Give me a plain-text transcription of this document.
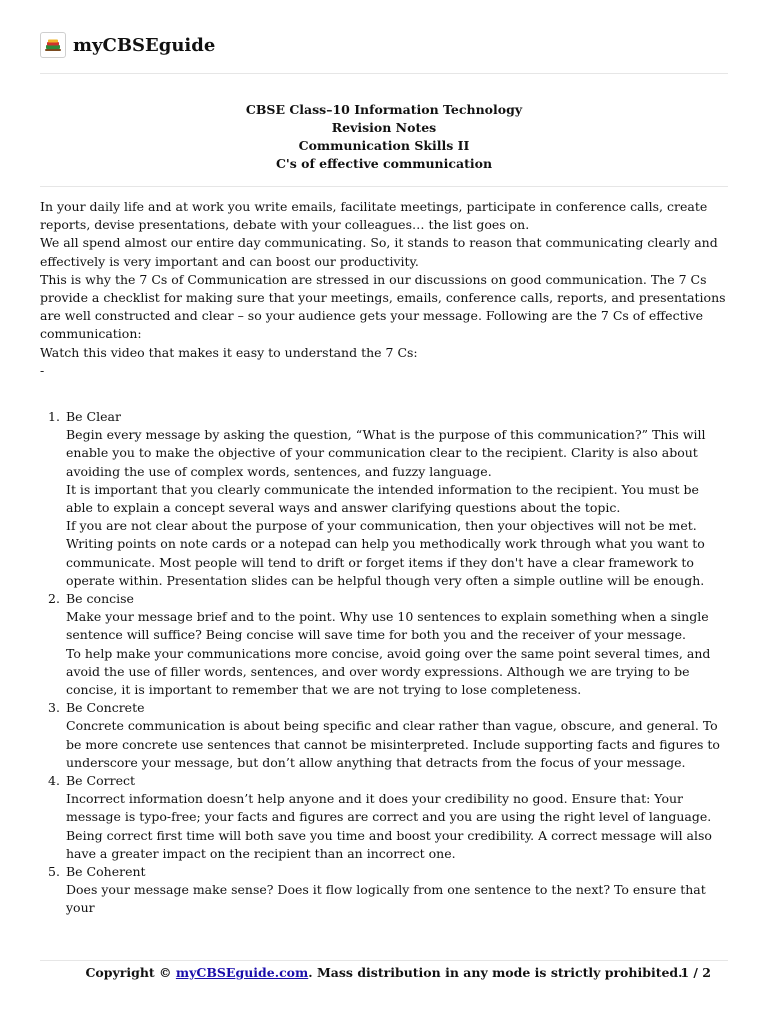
myCBSEguide
CBSE Class–10 Information Technology
Revision Notes
Communication Skills II
C's of effective communication

In your daily life and at work you write emails, facilitate meetings, participate in conference calls, create reports, devise presentations, debate with your colleagues… the list goes on.

We all spend almost our entire day communicating. So, it stands to reason that communicating clearly and effectively is very important and can boost our productivity.

This is why the 7 Cs of Communication are stressed in our discussions on good communication. The 7 Cs provide a checklist for making sure that your meetings, emails, conference calls, reports, and presentations are well constructed and clear – so your audience gets your message. Following are the 7 Cs of effective communication:

Watch this video that makes it easy to understand the 7 Cs:

-

1. Be Clear

Begin every message by asking the question, “What is the purpose of this communication?” This will enable you to make the objective of your communication clear to the recipient. Clarity is also about avoiding the use of complex words, sentences, and fuzzy language.

It is important that you clearly communicate the intended information to the recipient. You must be able to explain a concept several ways and answer clarifying questions about the topic.

If you are not clear about the purpose of your communication, then your objectives will not be met.

Writing points on note cards or a notepad can help you methodically work through what you want to communicate. Most people will tend to drift or forget items if they don't have a clear framework to operate within. Presentation slides can be helpful though very often a simple outline will be enough.

2. Be concise

Make your message brief and to the point. Why use 10 sentences to explain something when a single sentence will suffice? Being concise will save time for both you and the receiver of your message.

To help make your communications more concise, avoid going over the same point several times, and avoid the use of filler words, sentences, and over wordy expressions. Although we are trying to be concise, it is important to remember that we are not trying to lose completeness.

3. Be Concrete

Concrete communication is about being specific and clear rather than vague, obscure, and general. To be more concrete use sentences that cannot be misinterpreted. Include supporting facts and figures to underscore your message, but don’t allow anything that detracts from the focus of your message.

4. Be Correct

Incorrect information doesn’t help anyone and it does your credibility no good. Ensure that: Your message is typo-free; your facts and figures are correct and you are using the right level of language. Being correct first time will both save you time and boost your credibility. A correct message will also have a greater impact on the recipient than an incorrect one.

5. Be Coherent

Does your message make sense? Does it flow logically from one sentence to the next? To ensure that your

Copyright © myCBSEguide.com. Mass distribution in any mode is strictly prohibited.
1 / 2
